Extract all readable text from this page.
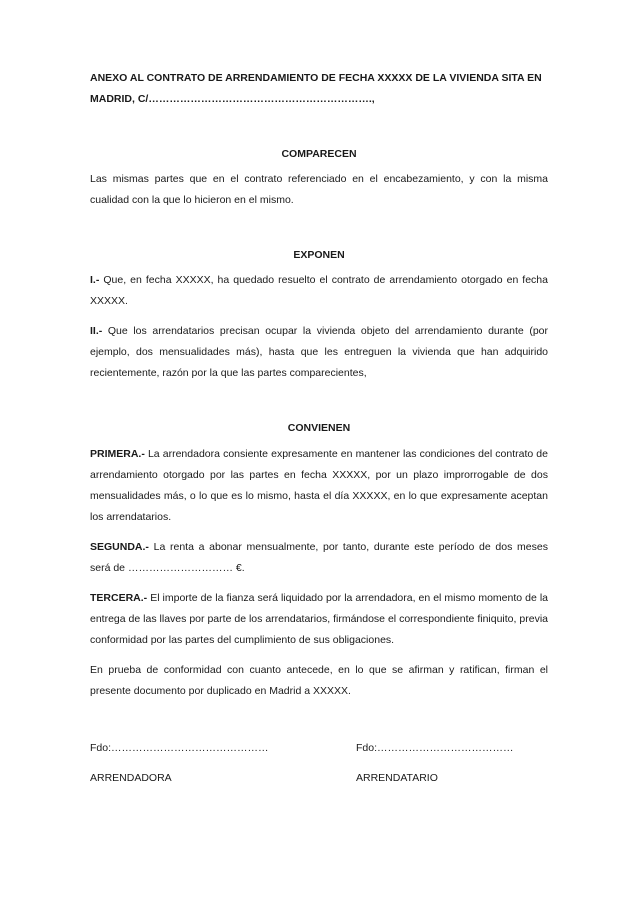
ANEXO AL CONTRATO DE ARRENDAMIENTO DE FECHA XXXXX DE LA VIVIENDA SITA EN
MADRID, C/……………………………………………………….,
COMPARECEN

Las mismas partes que en el contrato referenciado en el encabezamiento, y con la misma cualidad con la que lo hicieron en el mismo.

EXPONEN

I.- Que, en fecha XXXXX, ha quedado resuelto el contrato de arrendamiento otorgado en fecha XXXXX.

II.- Que los arrendatarios precisan ocupar la vivienda objeto del arrendamiento durante (por ejemplo, dos mensualidades más), hasta que les entreguen la vivienda que han adquirido recientemente, razón por la que las partes comparecientes,

CONVIENEN

PRIMERA.- La arrendadora consiente expresamente en mantener las condiciones del contrato de arrendamiento otorgado por las partes en fecha XXXXX, por un plazo improrrogable de dos mensualidades más, o lo que es lo mismo, hasta el día XXXXX, en lo que expresamente aceptan los arrendatarios.

SEGUNDA.- La renta a abonar mensualmente, por tanto, durante este período de dos meses será de ………………………… €.

TERCERA.- El importe de la fianza será liquidado por la arrendadora, en el mismo momento de la entrega de las llaves por parte de los arrendatarios, firmándose el correspondiente finiquito, previa conformidad por las partes del cumplimiento de sus obligaciones.

En prueba de conformidad con cuanto antecede, en lo que se afirman y ratifican, firman el presente documento por duplicado en Madrid a XXXXX.

Fdo:………………………………………
ARRENDADORA
Fdo:…………………………………
ARRENDATARIO
